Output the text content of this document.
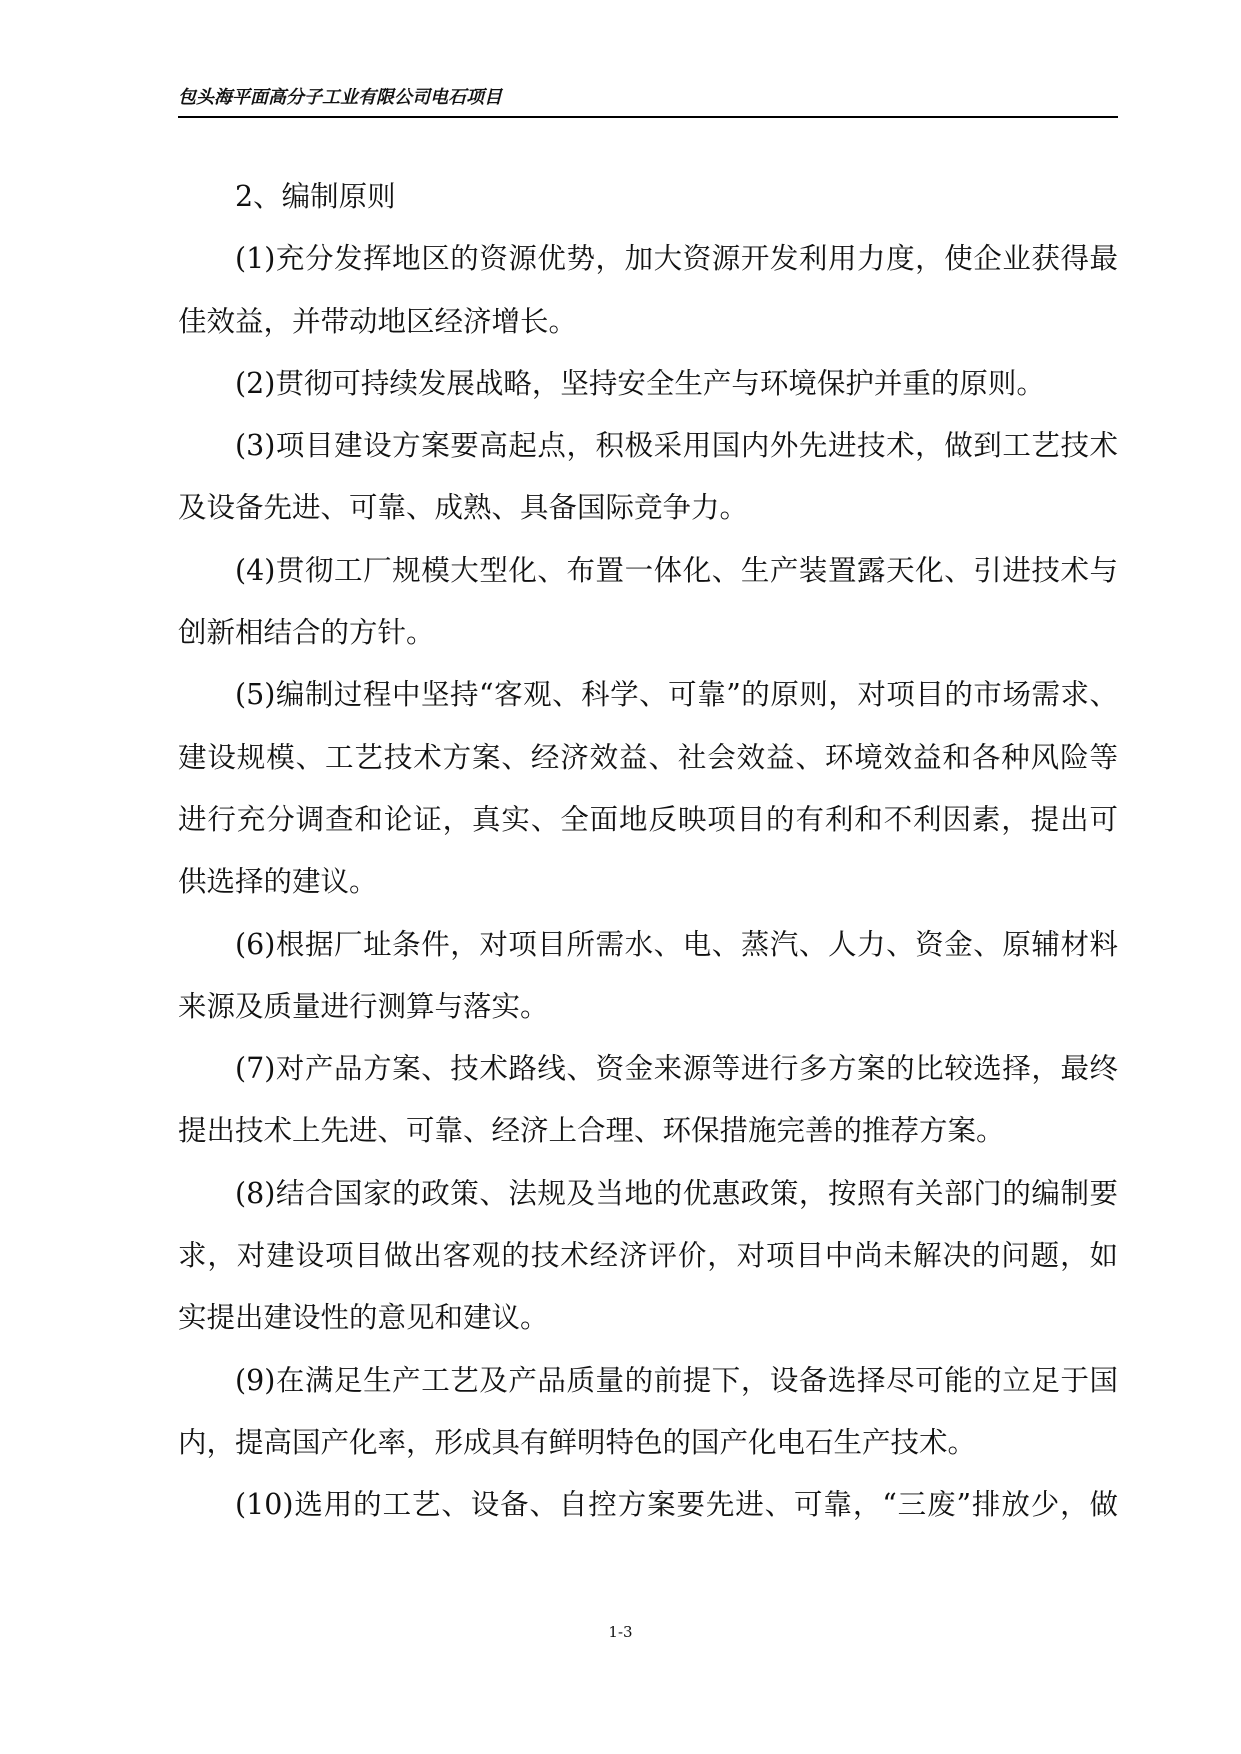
包头海平面高分子工业有限公司电石项目
2、编制原则
(1)充分发挥地区的资源优势，加大资源开发利用力度，使企业获得最
佳效益，并带动地区经济增长。
(2)贯彻可持续发展战略，坚持安全生产与环境保护并重的原则。
(3)项目建设方案要高起点，积极采用国内外先进技术，做到工艺技术
及设备先进、可靠、成熟、具备国际竞争力。
(4)贯彻工厂规模大型化、布置一体化、生产装置露天化、引进技术与
创新相结合的方针。
(5)编制过程中坚持“客观、科学、可靠”的原则，对项目的市场需求、
建设规模、工艺技术方案、经济效益、社会效益、环境效益和各种风险等
进行充分调查和论证，真实、全面地反映项目的有利和不利因素，提出可
供选择的建议。
(6)根据厂址条件，对项目所需水、电、蒸汽、人力、资金、原辅材料
来源及质量进行测算与落实。
(7)对产品方案、技术路线、资金来源等进行多方案的比较选择，最终
提出技术上先进、可靠、经济上合理、环保措施完善的推荐方案。
(8)结合国家的政策、法规及当地的优惠政策，按照有关部门的编制要
求，对建设项目做出客观的技术经济评价，对项目中尚未解决的问题，如
实提出建设性的意见和建议。
(9)在满足生产工艺及产品质量的前提下，设备选择尽可能的立足于国
内，提高国产化率，形成具有鲜明特色的国产化电石生产技术。
(10)选用的工艺、设备、自控方案要先进、可靠，“三废”排放少，做
1-3
